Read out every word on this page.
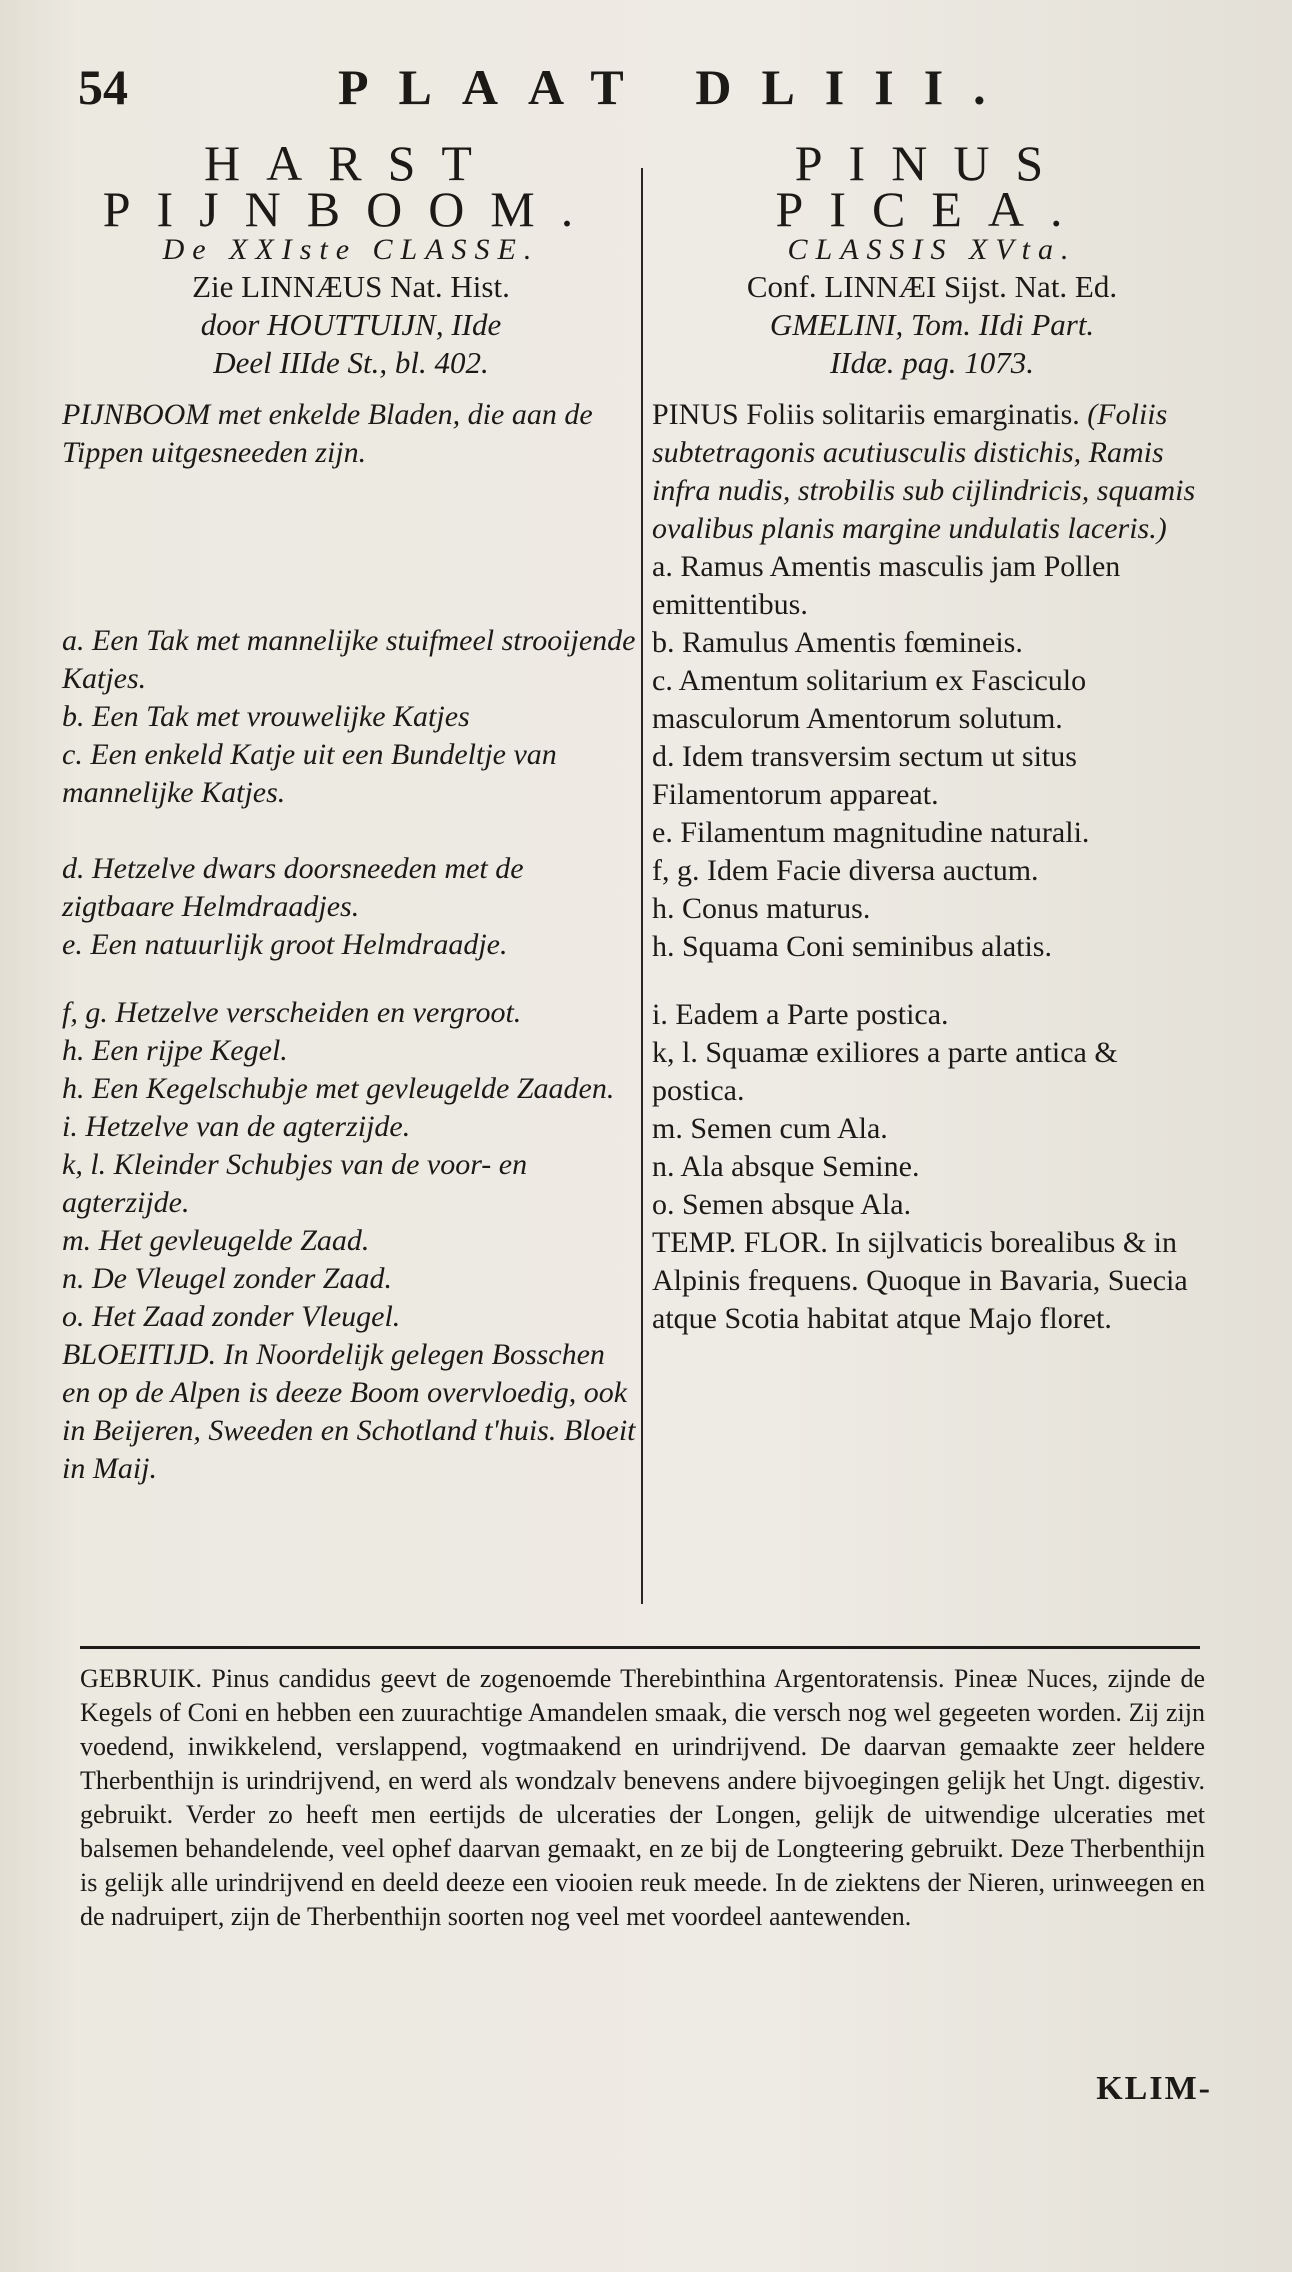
54	PLAAT DLIII.
HARST
PIJNBOOM.
De XXIste CLASSE.
Zie LINNÆUS Nat. Hist.
door HOUTTUIJN, IIde
Deel IIIde St., bl. 402.
PIJNBOOM met enkelde Bladen, die aan de Tippen uitgesneeden zijn.
a. Een Tak met mannelijke stuifmeel strooijende Katjes.
b. Een Tak met vrouwelijke Katjes
c. Een enkeld Katje uit een Bundeltje van mannelijke Katjes.
d. Hetzelve dwars doorsneeden met de zigtbaare Helmdraadjes.
e. Een natuurlijk groot Helmdraadje.
f, g. Hetzelve verscheiden en vergroot.
h. Een rijpe Kegel.
h. Een Kegelschubje met gevleugelde Zaaden.
i. Hetzelve van de agterzijde.
k, l. Kleinder Schubjes van de voor- en agterzijde.
m. Het gevleugelde Zaad.
n. De Vleugel zonder Zaad.
o. Het Zaad zonder Vleugel.
BLOEITIJD. In Noordelijk gelegen Bosschen en op de Alpen is deeze Boom overvloedig, ook in Beijeren, Sweeden en Schotland t'huis. Bloeit in Maij.
PINUS
PICEA.
CLASSIS XVta.
Conf. LINNÆI Sijst. Nat. Ed.
GMELINI, Tom. IIdi Part.
IIdæ. pag. 1073.
PINUS Foliis solitariis emarginatis. (Foliis subtetragonis acutiusculis distichis, Ramis infra nudis, strobilis sub cijlindricis, squamis ovalibus planis margine undulatis laceris.)
a. Ramus Amentis masculis jam Pollen emittentibus.
b. Ramulus Amentis fœmineis.
c. Amentum solitarium ex Fasciculo masculorum Amentorum solutum.
d. Idem transversim sectum ut situs Filamentorum appareat.
e. Filamentum magnitudine naturali.
f, g. Idem Facie diversa auctum.
h. Conus maturus.
h. Squama Coni seminibus alatis.
i. Eadem a Parte postica.
k, l. Squamæ exiliores a parte antica & postica.
m. Semen cum Ala.
n. Ala absque Semine.
o. Semen absque Ala.
TEMP. FLOR. In sijlvaticis borealibus & in Alpinis frequens. Quoque in Bavaria, Suecia atque Scotia habitat atque Majo floret.
GEBRUIK. Pinus candidus geevt de zogenoemde Therebinthina Argentoratensis. Pineæ Nuces, zijnde de Kegels of Coni en hebben een zuurachtige Amandelen smaak, die versch nog wel gegeeten worden. Zij zijn voedend, inwikkelend, verslappend, vogtmaakend en urindrijvend. De daarvan gemaakte zeer heldere Therbenthijn is urindrijvend, en werd als wondzalv benevens andere bijvoegingen gelijk het Ungt. digestiv. gebruikt. Verder zo heeft men eertijds de ulceraties der Longen, gelijk de uitwendige ulceraties met balsemen behandelende, veel ophef daarvan gemaakt, en ze bij de Longteering gebruikt. Deze Therbenthijn is gelijk alle urindrijvend en deeld deeze een viooien reuk meede. In de ziektens der Nieren, urinweegen en de nadruipert, zijn de Therbenthijn soorten nog veel met voordeel aantewenden.
KLIM-
